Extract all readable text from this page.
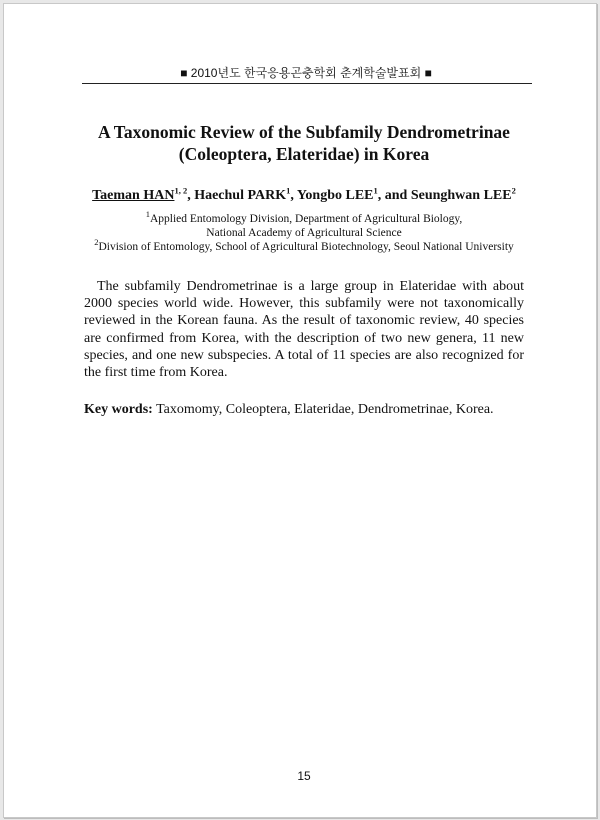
■ 2010년도 한국응용곤충학회 춘계학술발표회 ■
A Taxonomic Review of the Subfamily Dendrometrinae
(Coleoptera, Elateridae) in Korea
Taeman HAN$^{1, 2}$, Haechul PARK$^1$, Yongbo LEE$^1$, and Seunghwan LEE$^2$
$^1$Applied Entomology Division, Department of Agricultural Biology,
National Academy of Agricultural Science
$^2$Division of Entomology, School of Agricultural Biotechnology, Seoul National University
The subfamily Dendrometrinae is a large group in Elateridae with about 2000 species world wide. However, this subfamily were not taxonomically reviewed in the Korean fauna. As the result of taxonomic review, 40 species are confirmed from Korea, with the description of two new genera, 11 new species, and one new subspecies. A total of 11 species are also recognized for the first time from Korea.
Key words: Taxomomy, Coleoptera, Elateridae, Dendrometrinae, Korea.
15
